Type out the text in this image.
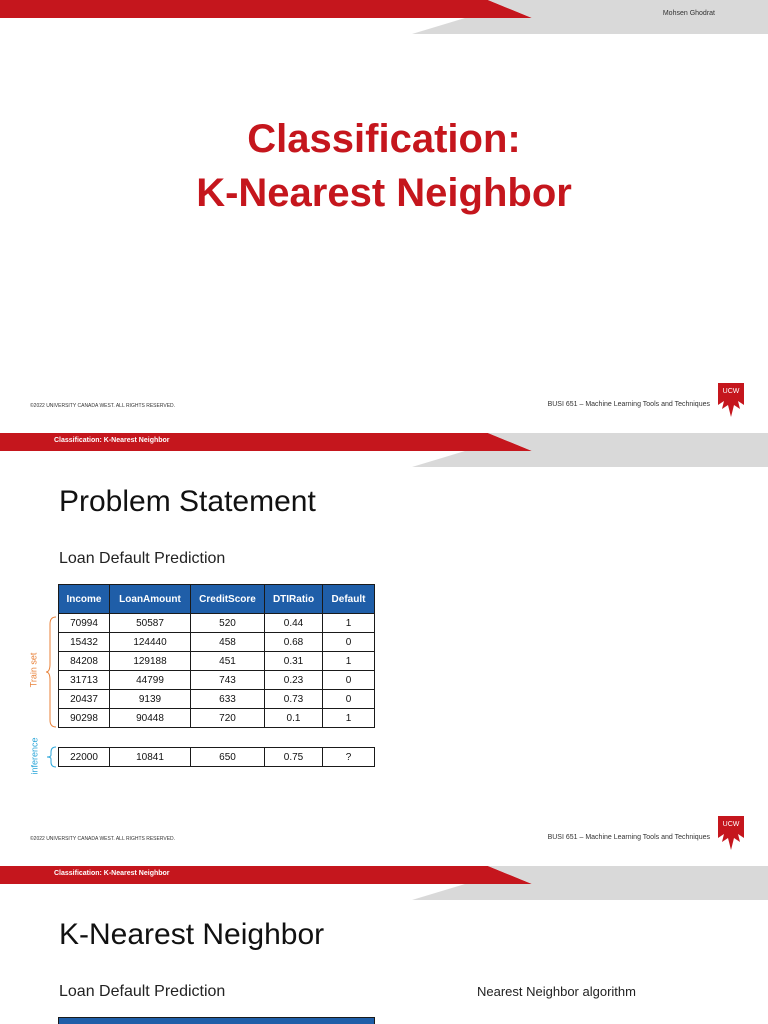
Mohsen Ghodrat
Classification:
K-Nearest Neighbor
©2022 UNIVERSITY CANADA WEST. ALL RIGHTS RESERVED.	BUSI 651 – Machine Learning Tools and Techniques
UCW
Classification: K-Nearest Neighbor
Problem Statement
Loan Default Prediction
Income	LoanAmount	CreditScore	DTIRatio	Default
70994	50587	520	0.44	1
15432	124440	458	0.68	0
84208	129188	451	0.31	1
31713	44799	743	0.23	0
20437	9139	633	0.73	0
90298	90448	720	0.1	1
22000	10841	650	0.75	?
Train set
inference
©2022 UNIVERSITY CANADA WEST. ALL RIGHTS RESERVED.	BUSI 651 – Machine Learning Tools and Techniques
UCW
Classification: K-Nearest Neighbor
K-Nearest Neighbor
Loan Default Prediction	Nearest Neighbor algorithm
